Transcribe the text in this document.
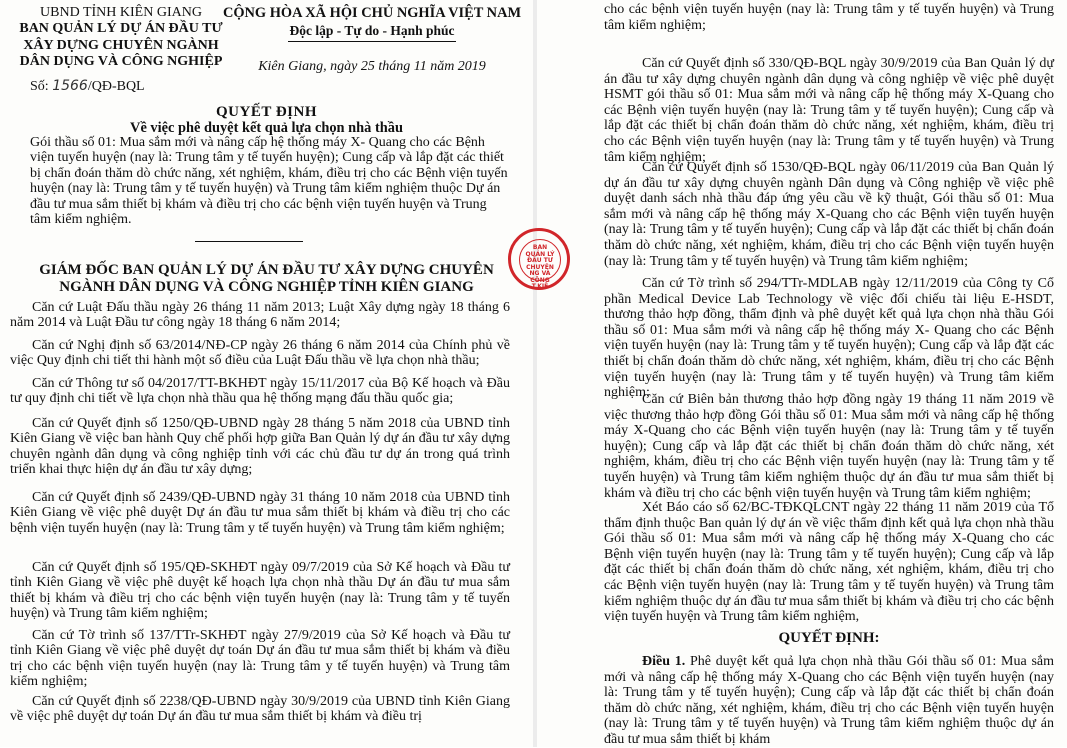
UBND TỈNH KIÊN GIANG
BAN QUẢN LÝ DỰ ÁN ĐẦU TƯ
XÂY DỰNG CHUYÊN NGÀNH
DÂN DỤNG VÀ CÔNG NGHIỆP
CỘNG HÒA XÃ HỘI CHỦ NGHĨA VIỆT NAM
Độc lập - Tự do - Hạnh phúc
Kiên Giang, ngày 25 tháng 11 năm 2019
Số: 1566/QĐ-BQL
QUYẾT ĐỊNH
Về việc phê duyệt kết quả lựa chọn nhà thầu
Gói thầu số 01: Mua sắm mới và nâng cấp hệ thống máy X- Quang cho các Bệnh viện tuyến huyện (nay là: Trung tâm y tế tuyến huyện); Cung cấp và lắp đặt các thiết bị chẩn đoán thăm dò chức năng, xét nghiệm, khám, điều trị cho các Bệnh viện tuyến huyện (nay là: Trung tâm y tế tuyến huyện) và Trung tâm kiểm nghiệm thuộc Dự án đầu tư mua sắm thiết bị khám và điều trị cho các bệnh viện tuyến huyện và Trung tâm kiểm nghiệm.
GIÁM ĐỐC BAN QUẢN LÝ DỰ ÁN ĐẦU TƯ XÂY DỰNG CHUYÊN
NGÀNH DÂN DỤNG VÀ CÔNG NGHIỆP TỈNH KIÊN GIANG
Căn cứ Luật Đấu thầu ngày 26 tháng 11 năm 2013; Luật Xây dựng ngày 18 tháng 6 năm 2014 và Luật Đầu tư công ngày 18 tháng 6 năm 2014;
Căn cứ Nghị định số 63/2014/NĐ-CP ngày 26 tháng 6 năm 2014 của Chính phủ về việc Quy định chi tiết thi hành một số điều của Luật Đấu thầu về lựa chọn nhà thầu;
Căn cứ Thông tư số 04/2017/TT-BKHĐT ngày 15/11/2017 của Bộ Kế hoạch và Đầu tư quy định chi tiết về lựa chọn nhà thầu qua hệ thống mạng đấu thầu quốc gia;
Căn cứ Quyết định số 1250/QĐ-UBND ngày 28 tháng 5 năm 2018 của UBND tỉnh Kiên Giang về việc ban hành Quy chế phối hợp giữa Ban Quản lý dự án đầu tư xây dựng chuyên ngành dân dụng và công nghiệp tỉnh với các chủ đầu tư dự án trong quá trình triển khai thực hiện dự án đầu tư xây dựng;
Căn cứ Quyết định số 2439/QĐ-UBND ngày 31 tháng 10 năm 2018 của UBND tỉnh Kiên Giang về việc phê duyệt Dự án đầu tư mua sắm thiết bị khám và điều trị cho các bệnh viện tuyến huyện (nay là: Trung tâm y tế tuyến huyện) và Trung tâm kiểm nghiệm;
Căn cứ Quyết định số 195/QĐ-SKHĐT ngày 09/7/2019 của Sở Kế hoạch và Đầu tư tỉnh Kiên Giang về việc phê duyệt kế hoạch lựa chọn nhà thầu Dự án đầu tư mua sắm thiết bị khám và điều trị cho các bệnh viện tuyến huyện (nay là: Trung tâm y tế tuyến huyện) và Trung tâm kiểm nghiệm;
Căn cứ Tờ trình số 137/TTr-SKHĐT ngày 27/9/2019 của Sở Kế hoạch và Đầu tư tỉnh Kiên Giang về việc phê duyệt dự toán Dự án đầu tư mua sắm thiết bị khám và điều trị cho các bệnh viện tuyến huyện (nay là: Trung tâm y tế tuyến huyện) và Trung tâm kiểm nghiệm;
Căn cứ Quyết định số 2238/QĐ-UBND ngày 30/9/2019 của UBND tỉnh Kiên Giang về việc phê duyệt dự toán Dự án đầu tư mua sắm thiết bị khám và điều trị
BAN QUẢN LÝ ĐẦU TƯ CHUYÊN NG VÀ CÔNG T.KIÊ
cho các bệnh viện tuyến huyện (nay là: Trung tâm y tế tuyến huyện) và Trung tâm kiểm nghiệm;
Căn cứ Quyết định số 330/QĐ-BQL ngày 30/9/2019 của Ban Quản lý dự án đầu tư xây dựng chuyên ngành dân dụng và công nghiệp về việc phê duyệt HSMT gói thầu số 01: Mua sắm mới và nâng cấp hệ thống máy X-Quang cho các Bệnh viện tuyến huyện (nay là: Trung tâm y tế tuyến huyện); Cung cấp và lắp đặt các thiết bị chẩn đoán thăm dò chức năng, xét nghiệm, khám, điều trị cho các Bệnh viện tuyến huyện (nay là: Trung tâm y tế tuyến huyện) và Trung tâm kiểm nghiệm;
Căn cứ Quyết định số 1530/QĐ-BQL ngày 06/11/2019 của Ban Quản lý dự án đầu tư xây dựng chuyên ngành Dân dụng và Công nghiệp về việc phê duyệt danh sách nhà thầu đáp ứng yêu cầu về kỹ thuật, Gói thầu số 01: Mua sắm mới và nâng cấp hệ thống máy X-Quang cho các Bệnh viện tuyến huyện (nay là: Trung tâm y tế tuyến huyện); Cung cấp và lắp đặt các thiết bị chẩn đoán thăm dò chức năng, xét nghiệm, khám, điều trị cho các Bệnh viện tuyến huyện (nay là: Trung tâm y tế tuyến huyện) và Trung tâm kiểm nghiệm;
Căn cứ Tờ trình số 294/TTr-MDLAB ngày 12/11/2019 của Công ty Cổ phần Medical Device Lab Technology về việc đối chiếu tài liệu E-HSDT, thương thảo hợp đồng, thẩm định và phê duyệt kết quả lựa chọn nhà thầu Gói thầu số 01: Mua sắm mới và nâng cấp hệ thống máy X- Quang cho các Bệnh viện tuyến huyện (nay là: Trung tâm y tế tuyến huyện); Cung cấp và lắp đặt các thiết bị chẩn đoán thăm dò chức năng, xét nghiệm, khám, điều trị cho các Bệnh viện tuyến huyện (nay là: Trung tâm y tế tuyến huyện) và Trung tâm kiểm nghiệm;
Căn cứ Biên bản thương thảo hợp đồng ngày 19 tháng 11 năm 2019 về việc thương thảo hợp đồng Gói thầu số 01: Mua sắm mới và nâng cấp hệ thống máy X-Quang cho các Bệnh viện tuyến huyện (nay là: Trung tâm y tế tuyến huyện); Cung cấp và lắp đặt các thiết bị chẩn đoán thăm dò chức năng, xét nghiệm, khám, điều trị cho các Bệnh viện tuyến huyện (nay là: Trung tâm y tế tuyến huyện) và Trung tâm kiểm nghiệm thuộc dự án đầu tư mua sắm thiết bị khám và điều trị cho các bệnh viện tuyến huyện và Trung tâm kiểm nghiệm;
Xét Báo cáo số 62/BC-TĐKQLCNT ngày 22 tháng 11 năm 2019 của Tổ thẩm định thuộc Ban quản lý dự án về việc thẩm định kết quả lựa chọn nhà thầu Gói thầu số 01: Mua sắm mới và nâng cấp hệ thống máy X-Quang cho các Bệnh viện tuyến huyện (nay là: Trung tâm y tế tuyến huyện); Cung cấp và lắp đặt các thiết bị chẩn đoán thăm dò chức năng, xét nghiệm, khám, điều trị cho các Bệnh viện tuyến huyện (nay là: Trung tâm y tế tuyến huyện) và Trung tâm kiểm nghiệm thuộc dự án đầu tư mua sắm thiết bị khám và điều trị cho các bệnh viện tuyến huyện và Trung tâm kiểm nghiệm,
QUYẾT ĐỊNH:
Điều 1. Phê duyệt kết quả lựa chọn nhà thầu Gói thầu số 01: Mua sắm mới và nâng cấp hệ thống máy X-Quang cho các Bệnh viện tuyến huyện (nay là: Trung tâm y tế tuyến huyện); Cung cấp và lắp đặt các thiết bị chẩn đoán thăm dò chức năng, xét nghiệm, khám, điều trị cho các Bệnh viện tuyến huyện (nay là: Trung tâm y tế tuyến huyện) và Trung tâm kiểm nghiệm thuộc dự án đầu tư mua sắm thiết bị khám
